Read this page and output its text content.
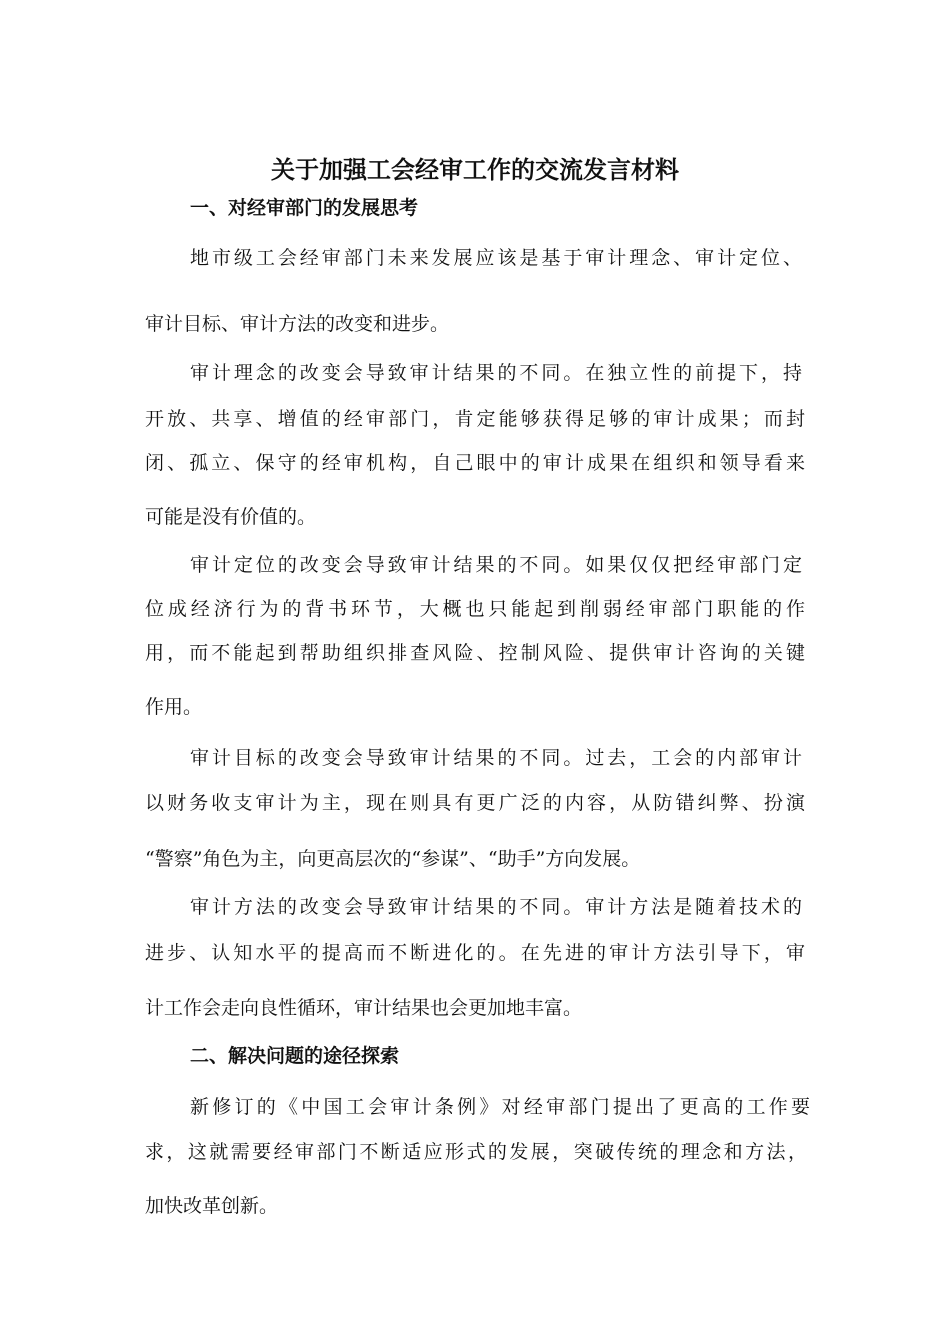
关于加强工会经审工作的交流发言材料
一、对经审部门的发展思考
地市级工会经审部门未来发展应该是基于审计理念、审计定位、
审计目标、审计方法的改变和进步。
审计理念的改变会导致审计结果的不同。在独立性的前提下，持
开放、共享、增值的经审部门，肯定能够获得足够的审计成果；而封
闭、孤立、保守的经审机构，自己眼中的审计成果在组织和领导看来
可能是没有价值的。
审计定位的改变会导致审计结果的不同。如果仅仅把经审部门定
位成经济行为的背书环节，大概也只能起到削弱经审部门职能的作
用，而不能起到帮助组织排查风险、控制风险、提供审计咨询的关键
作用。
审计目标的改变会导致审计结果的不同。过去，工会的内部审计
以财务收支审计为主，现在则具有更广泛的内容，从防错纠弊、扮演
“警察”角色为主，向更高层次的“参谋”、“助手”方向发展。
审计方法的改变会导致审计结果的不同。审计方法是随着技术的
进步、认知水平的提高而不断进化的。在先进的审计方法引导下，审
计工作会走向良性循环，审计结果也会更加地丰富。
二、解决问题的途径探索
新修订的《中国工会审计条例》对经审部门提出了更高的工作要
求，这就需要经审部门不断适应形式的发展，突破传统的理念和方法，
加快改革创新。
